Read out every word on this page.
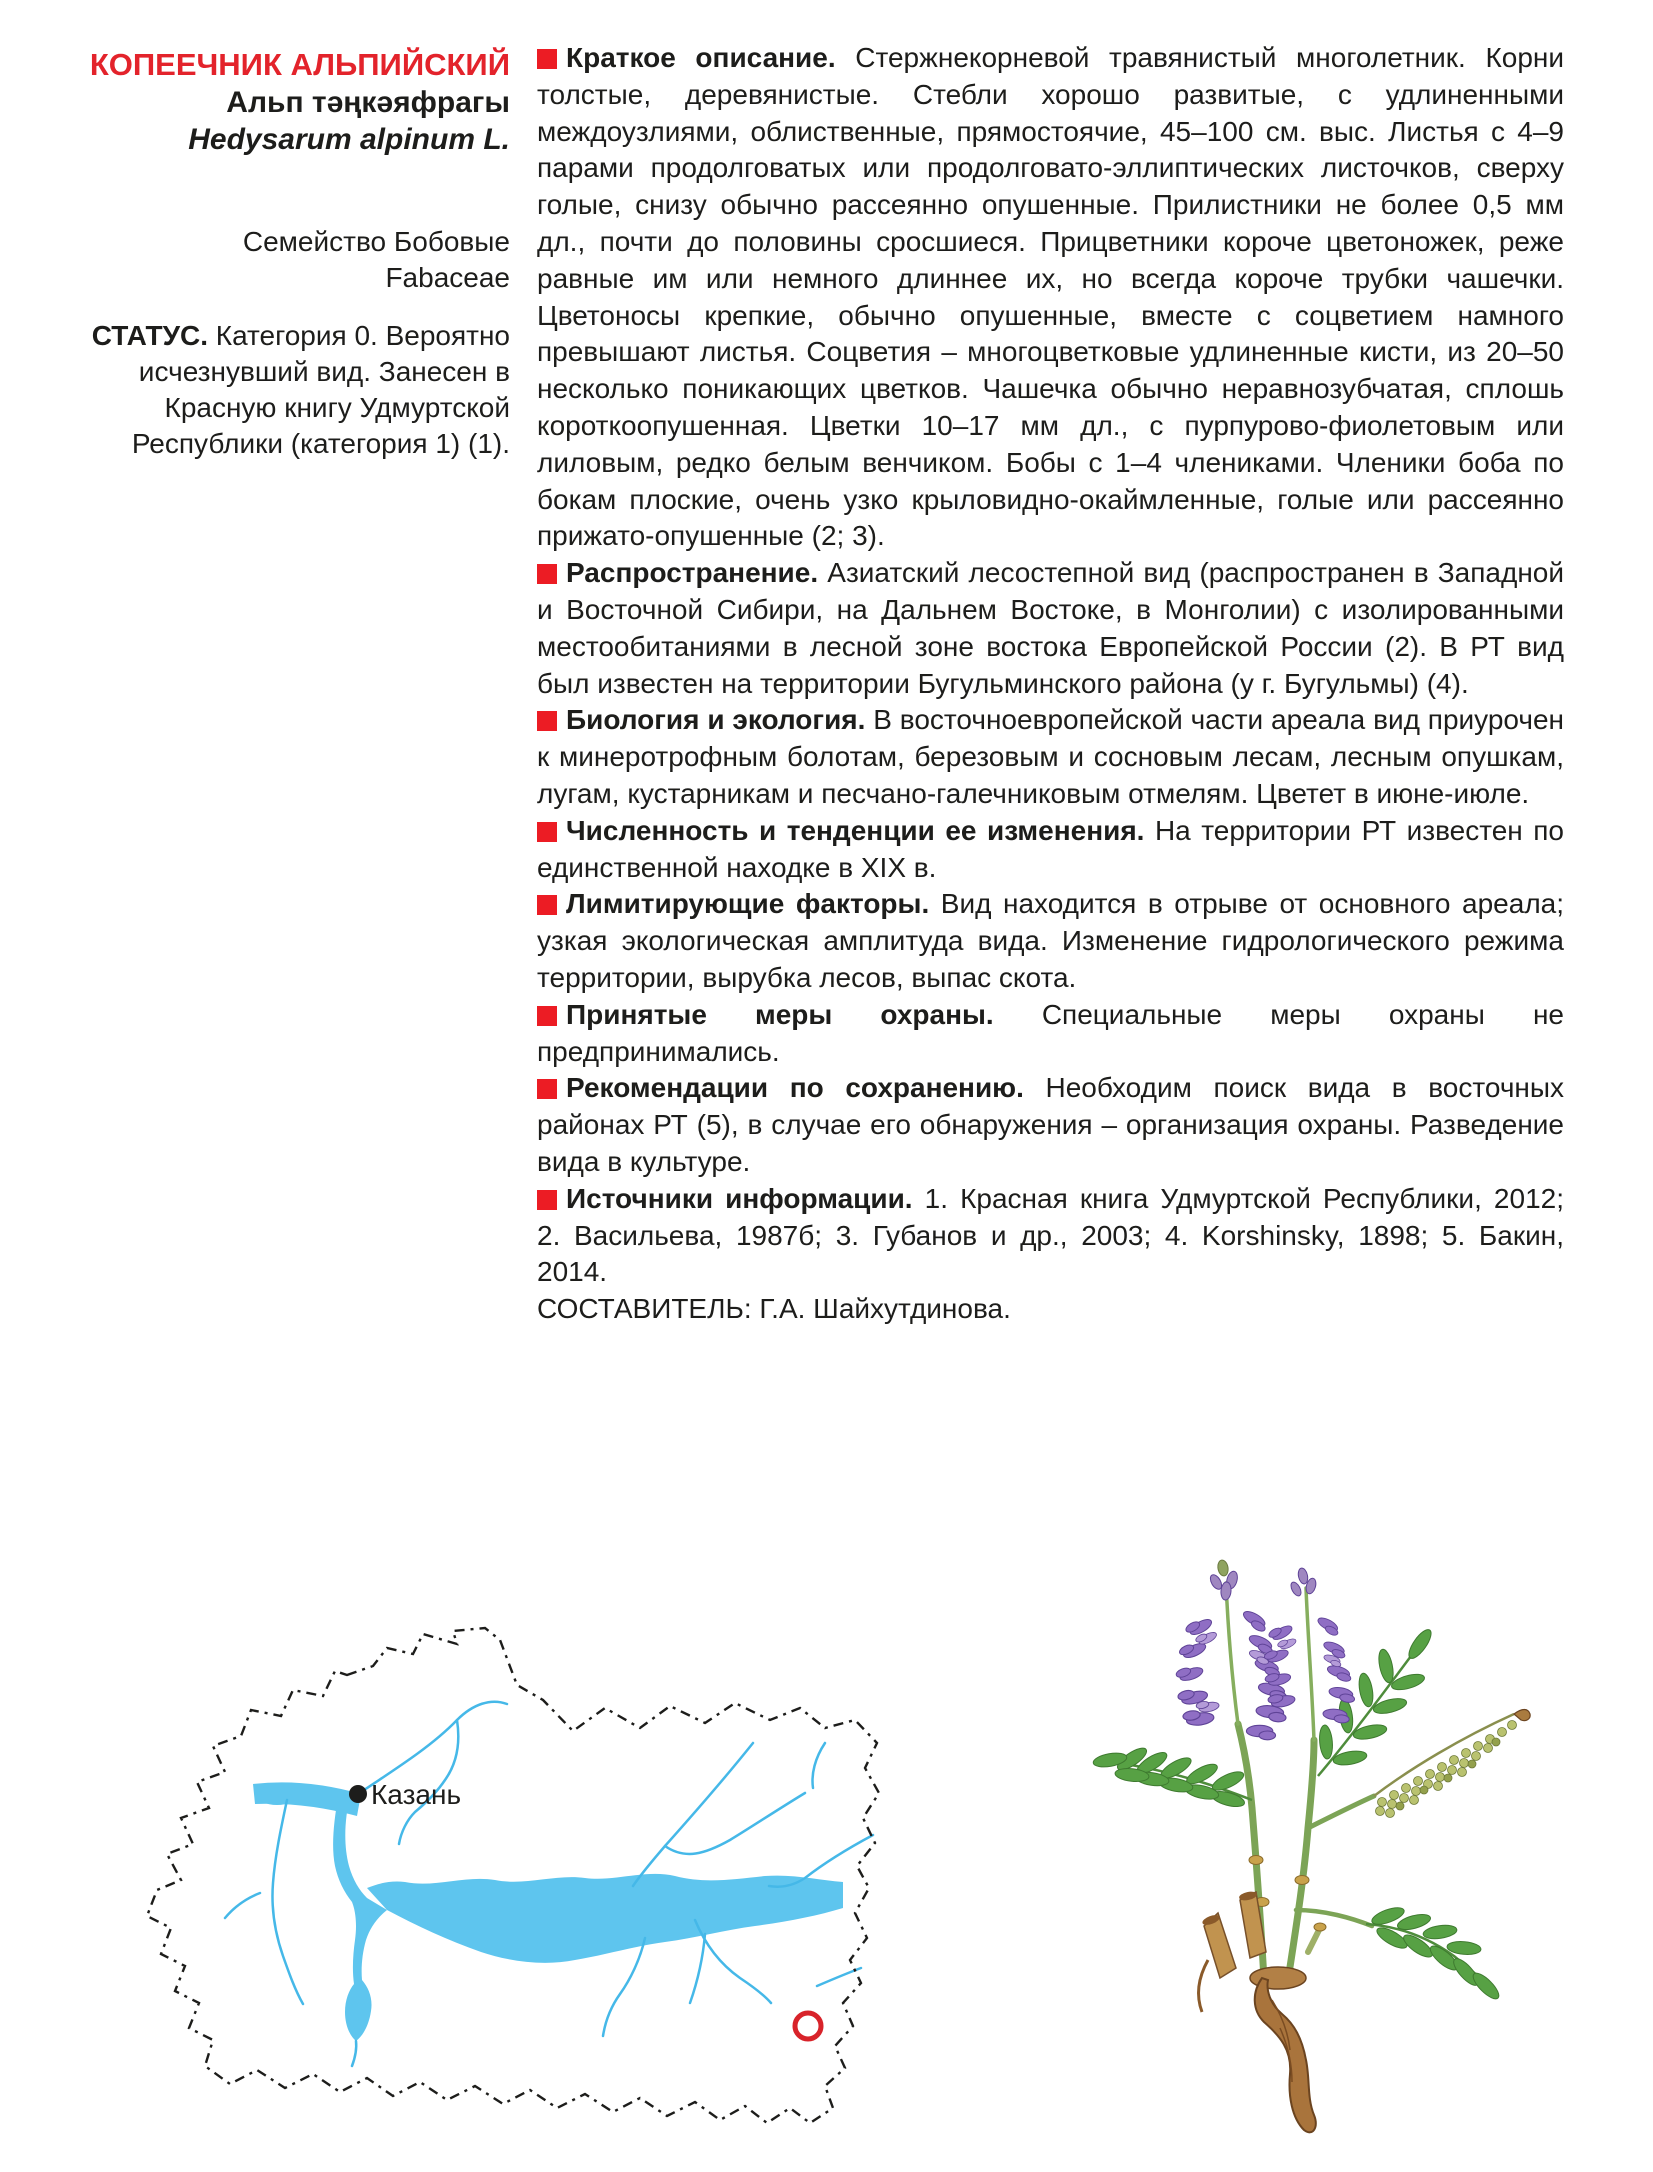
КОПЕЕЧНИК АЛЬПИЙСКИЙ

Альп тәңкәяфрагы

Hedysarum alpinum L.

Семейство Бобовые
Fabaceae

СТАТУС. Категория 0. Вероятно исчезнувший вид. Занесен в Красную книгу Удмуртской Республики (категория 1) (1).

Краткое описание. Стержнекорневой травянистый многолетник. Корни толстые, деревянистые. Стебли хорошо развитые, с удлиненными междоузлиями, облиственные, прямостоячие, 45–100 см. выс. Листья с 4–9 парами продолговатых или продолговато-эллиптических листочков, сверху голые, снизу обычно рассеянно опушенные. Прилистники не более 0,5 мм дл., почти до половины сросшиеся. Прицветники короче цветоножек, реже равные им или немного длиннее их, но всегда короче трубки чашечки. Цветоносы крепкие, обычно опушенные, вместе с соцветием намного превышают листья. Соцветия – многоцветковые удлиненные кисти, из 20–50 несколько поникающих цветков. Чашечка обычно неравнозубчатая, сплошь короткоопушенная. Цветки 10–17 мм дл., с пурпурово-фиолетовым или лиловым, редко белым венчиком. Бобы с 1–4 члениками. Членики боба по бокам плоские, очень узко крыловидно-окаймленные, голые или рассеянно прижато-опушенные (2; 3).

Распространение. Азиатский лесостепной вид (распространен в Западной и Восточной Сибири, на Дальнем Востоке, в Монголии) с изолированными местообитаниями в лесной зоне востока Европейской России (2). В РТ вид был известен на территории Бугульминского района (у г. Бугульмы) (4).

Биология и экология. В восточноевропейской части ареала вид приурочен к минеротрофным болотам, березовым и сосновым лесам, лесным опушкам, лугам, кустарникам и песчано-галечниковым отмелям. Цветет в июне-июле.

Численность и тенденции ее изменения. На территории РТ известен по единственной находке в XIX в.

Лимитирующие факторы. Вид находится в отрыве от основного ареала; узкая экологическая амплитуда вида. Изменение гидрологического режима территории, вырубка лесов, выпас скота.

Принятые меры охраны. Специальные меры охраны не предпринимались.

Рекомендации по сохранению. Необходим поиск вида в восточных районах РТ (5), в случае его обнаружения – организация охраны. Разведение вида в культуре.

Источники информации. 1. Красная книга Удмуртской Республики, 2012; 2. Васильева, 1987б; 3. Губанов и др., 2003; 4. Korshinsky, 1898; 5. Бакин, 2014.

СОСТАВИТЕЛЬ: Г.А. Шайхутдинова.

Казань
